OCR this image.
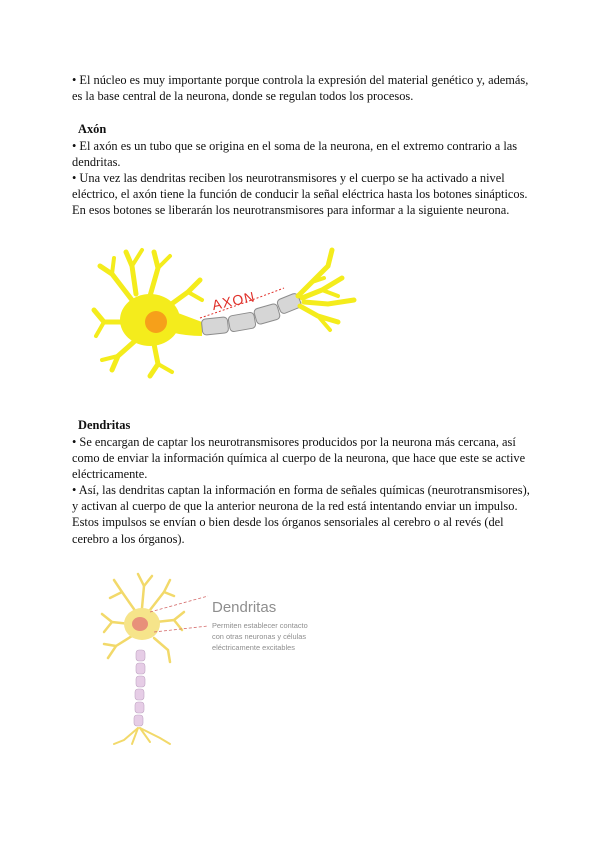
• El núcleo es muy importante porque controla la expresión del material genético y, además, es la base central de la neurona, donde se regulan todos los procesos.

Axón

• El axón es un tubo que se origina en el soma de la neurona, en el extremo contrario a las dendritas.

• Una vez las dendritas reciben los neurotransmisores y el cuerpo se ha activado a nivel eléctrico, el axón tiene la función de conducir la señal eléctrica hasta los botones sinápticos. En esos botones se liberarán los neurotransmisores para informar a la siguiente neurona.

AXON

Dendritas

• Se encargan de captar los neurotransmisores producidos por la neurona más cercana, así como de enviar la información química al cuerpo de la neurona, que hace que este se active eléctricamente.

• Así, las dendritas captan la información en forma de señales químicas (neurotransmisores), y activan al cuerpo de que la anterior neurona de la red está intentando enviar un impulso. Estos impulsos se envían o bien desde los órganos sensoriales al cerebro o al revés (del cerebro a los órganos).

Dendritas
Permiten establecer contacto
con otras neuronas y células
eléctricamente excitables
